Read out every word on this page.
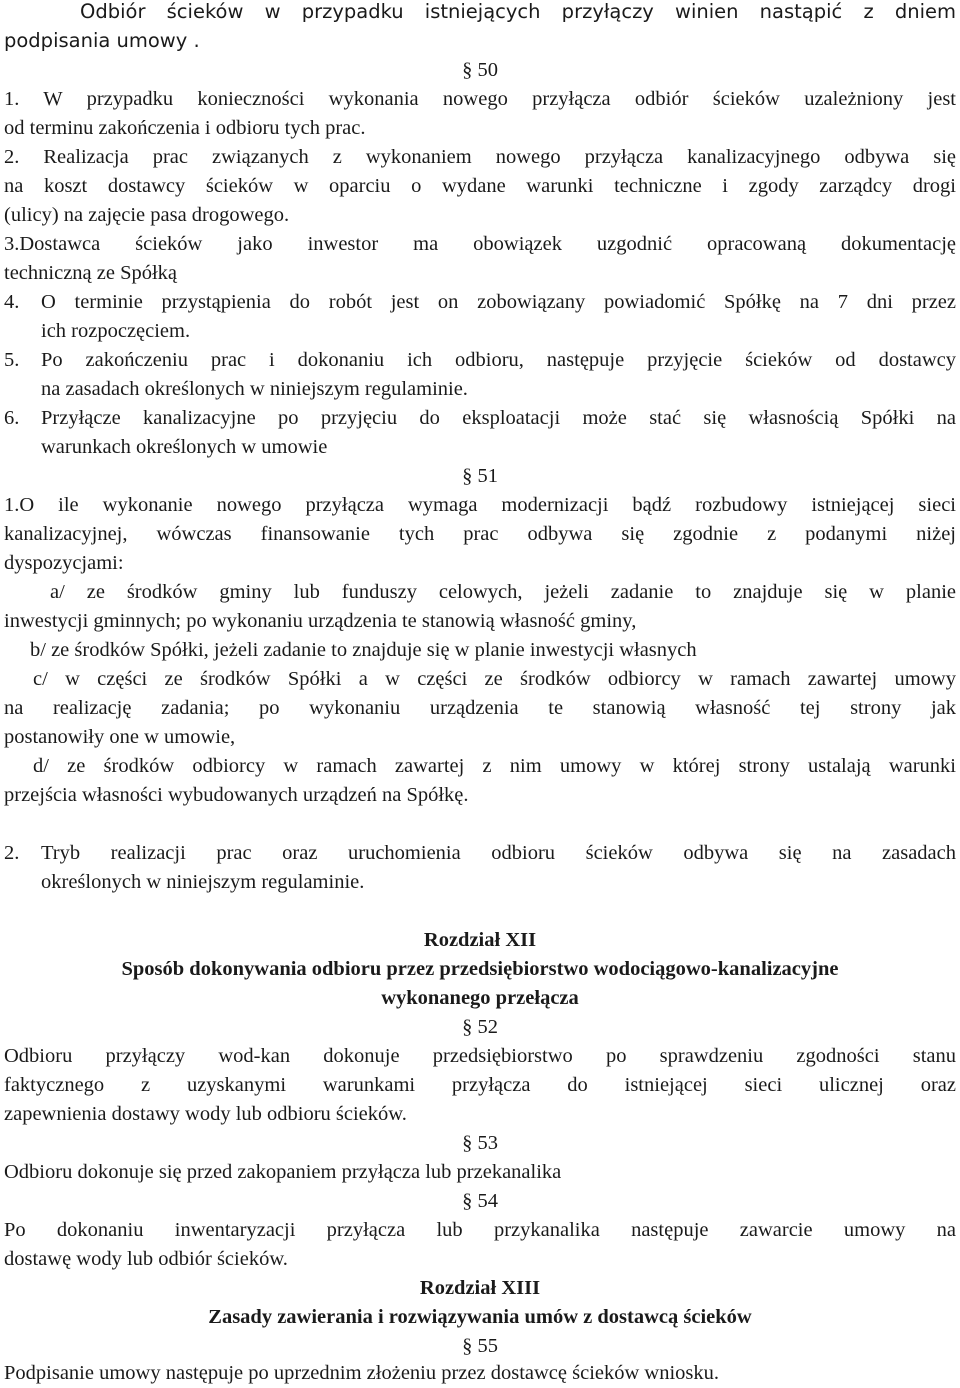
Odbiór ścieków w przypadku istniejących przyłączy winien nastąpić z dniem
podpisania umowy .
§ 50
1. W przypadku konieczności wykonania nowego przyłącza odbiór ścieków uzależniony jest
od terminu zakończenia i odbioru tych prac.
2. Realizacja prac związanych z wykonaniem nowego przyłącza kanalizacyjnego odbywa się
na koszt dostawcy ścieków w oparciu o wydane warunki techniczne i zgody zarządcy drogi
(ulicy) na zajęcie pasa drogowego.
3.Dostawca ścieków jako inwestor ma obowiązek uzgodnić opracowaną dokumentację
techniczną ze Spółką
4. O terminie przystąpienia do robót jest on zobowiązany powiadomić Spółkę na 7 dni przez
ich rozpoczęciem.
5. Po zakończeniu prac i dokonaniu ich odbioru, następuje przyjęcie ścieków od dostawcy
na zasadach określonych w niniejszym regulaminie.
6. Przyłącze kanalizacyjne po przyjęciu do eksploatacji może stać się własnością Spółki na
warunkach określonych w umowie
§ 51
1.O ile wykonanie nowego przyłącza wymaga modernizacji bądź rozbudowy istniejącej sieci
kanalizacyjnej, wówczas finansowanie tych prac odbywa się zgodnie z podanymi niżej
dyspozycjami:
a/ ze środków gminy lub funduszy celowych, jeżeli zadanie to znajduje się w planie
inwestycji gminnych; po wykonaniu urządzenia te stanowią własność gminy,
b/ ze środków Spółki, jeżeli zadanie to znajduje się w planie inwestycji własnych
c/ w części ze środków Spółki a w części ze środków odbiorcy w ramach zawartej umowy
na realizację zadania; po wykonaniu urządzenia te stanowią własność tej strony jak
postanowiły one w umowie,
d/ ze środków odbiorcy w ramach zawartej z nim umowy w której strony ustalają warunki
przejścia własności wybudowanych urządzeń na Spółkę.
2. Tryb realizacji prac oraz uruchomienia odbioru ścieków odbywa się na zasadach
określonych w niniejszym regulaminie.
Rozdział XII
Sposób dokonywania odbioru przez przedsiębiorstwo wodociągowo-kanalizacyjne
wykonanego przełącza
§ 52
Odbioru przyłączy wod-kan dokonuje przedsiębiorstwo po sprawdzeniu zgodności stanu
faktycznego z uzyskanymi warunkami przyłącza do istniejącej sieci ulicznej oraz
zapewnienia dostawy wody lub odbioru ścieków.
§ 53
Odbioru dokonuje się przed zakopaniem przyłącza lub przekanalika
§ 54
Po dokonaniu inwentaryzacji przyłącza lub przykanalika następuje zawarcie umowy na
dostawę wody lub odbiór ścieków.
Rozdział XIII
Zasady zawierania i rozwiązywania umów z dostawcą ścieków
§ 55
Podpisanie umowy następuje po uprzednim złożeniu przez dostawcę ścieków wniosku.
